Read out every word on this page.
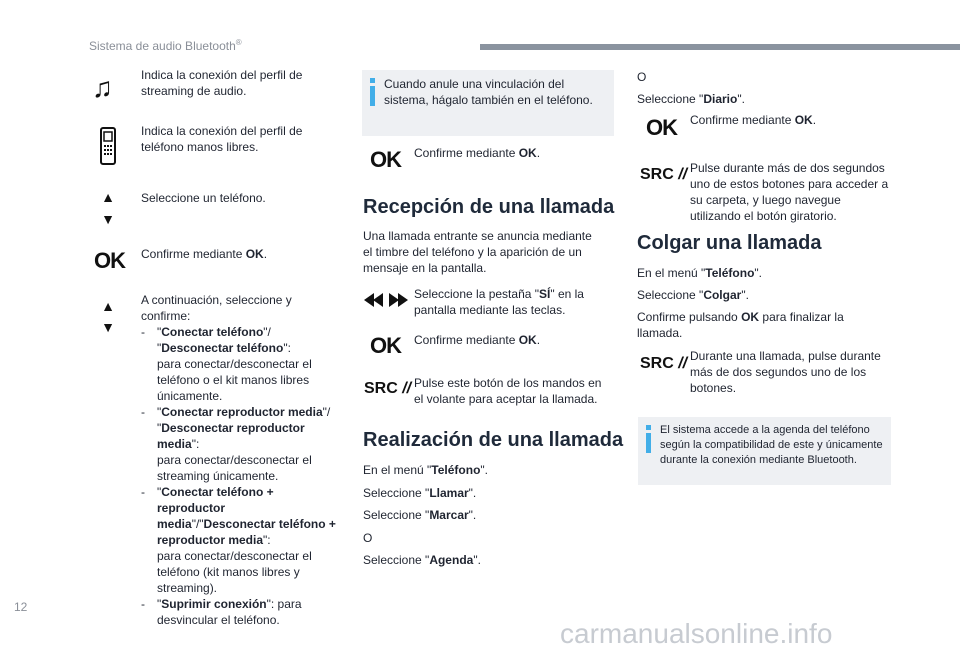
Sistema de audio Bluetooth®
♫ Indica la conexión del perfil de streaming de audio.
Indica la conexión del perfil de teléfono manos libres.
▲
▼
Seleccione un teléfono.
OK Confirme mediante OK.
▲
▼
A continuación, seleccione y confirme:
- "Conectar teléfono"/
"Desconectar teléfono":
para conectar/desconectar el teléfono o el kit manos libres únicamente.
- "Conectar reproductor media"/
"Desconectar reproductor media":
para conectar/desconectar el streaming únicamente.
- "Conectar teléfono + reproductor media"/"Desconectar teléfono + reproductor media":
para conectar/desconectar el teléfono (kit manos libres y streaming).
- "Suprimir conexión": para desvincular el teléfono.
Cuando anule una vinculación del sistema, hágalo también en el teléfono.
OK Confirme mediante OK.
Recepción de una llamada
Una llamada entrante se anuncia mediante el timbre del teléfono y la aparición de un mensaje en la pantalla.
Seleccione la pestaña "SÍ" en la pantalla mediante las teclas.
OK Confirme mediante OK.
SRC // Pulse este botón de los mandos en el volante para aceptar la llamada.
Realización de una llamada
En el menú "Teléfono".
Seleccione "Llamar".
Seleccione "Marcar".
O
Seleccione "Agenda".
O
Seleccione "Diario".
OK Confirme mediante OK.
SRC // Pulse durante más de dos segundos uno de estos botones para acceder a su carpeta, y luego navegue utilizando el botón giratorio.
Colgar una llamada
En el menú "Teléfono".
Seleccione "Colgar".
Confirme pulsando OK para finalizar la llamada.
SRC // Durante una llamada, pulse durante más de dos segundos uno de los botones.
El sistema accede a la agenda del teléfono según la compatibilidad de este y únicamente durante la conexión mediante Bluetooth.
12
carmanualsonline.info
